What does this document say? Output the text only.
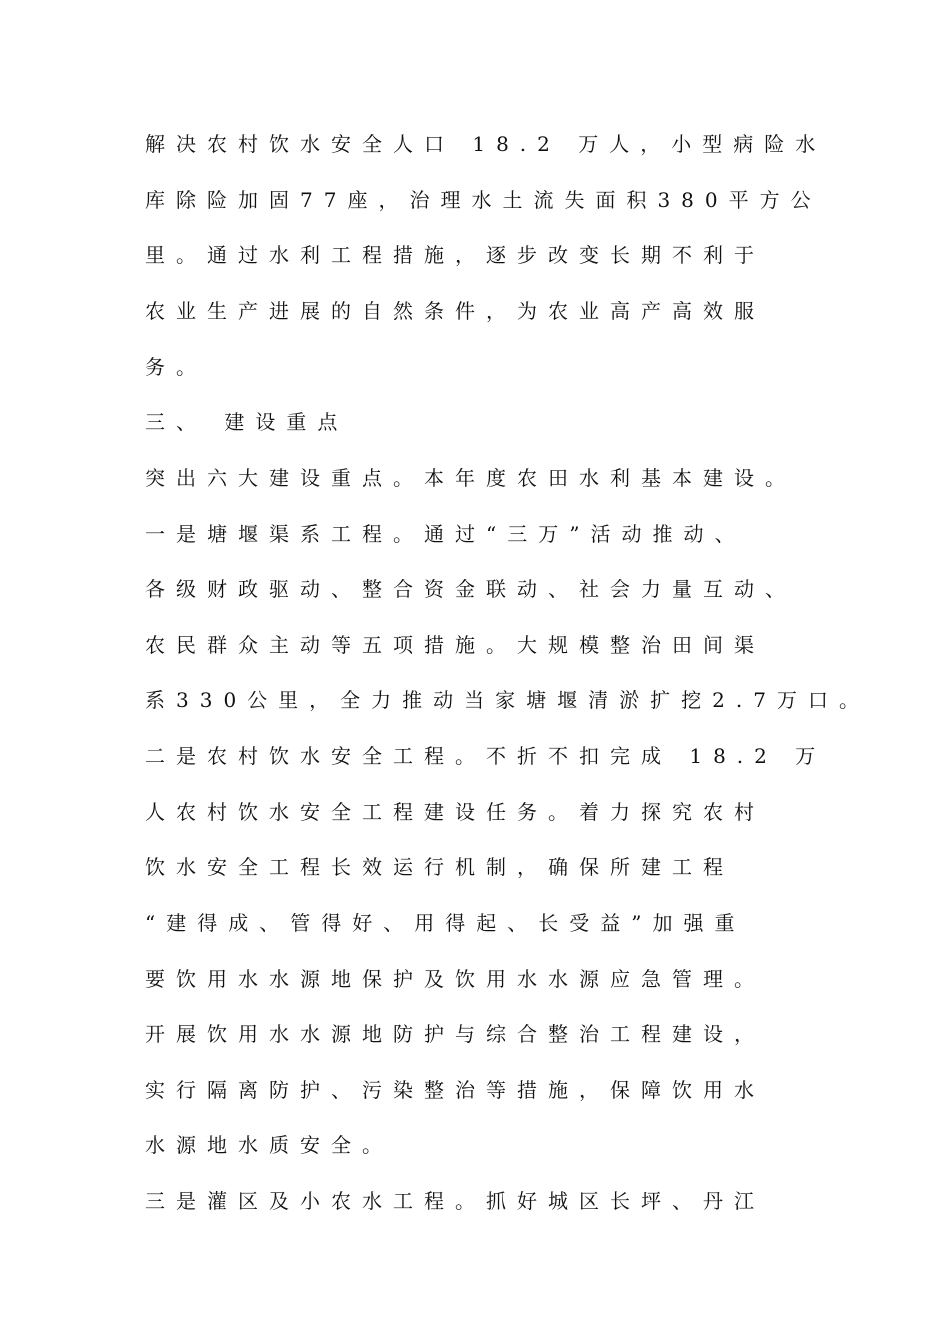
解决农村饮水安全人口 18.2 万人，小型病险水
库除险加固77座，治理水土流失面积380平方公
里。通过水利工程措施，逐步改变长期不利于
农业生产进展的自然条件，为农业高产高效服
务。
三、 建设重点
突出六大建设重点。本年度农田水利基本建设。
一是塘堰渠系工程。通过“三万”活动推动、
各级财政驱动、整合资金联动、社会力量互动、
农民群众主动等五项措施。大规模整治田间渠
系330公里，全力推动当家塘堰清淤扩挖2.7万口。
二是农村饮水安全工程。不折不扣完成 18.2 万
人农村饮水安全工程建设任务。着力探究农村
饮水安全工程长效运行机制，确保所建工程
“建得成、管得好、用得起、长受益”加强重
要饮用水水源地保护及饮用水水源应急管理。
开展饮用水水源地防护与综合整治工程建设，
实行隔离防护、污染整治等措施，保障饮用水
水源地水质安全。
三是灌区及小农水工程。抓好城区长坪、丹江
